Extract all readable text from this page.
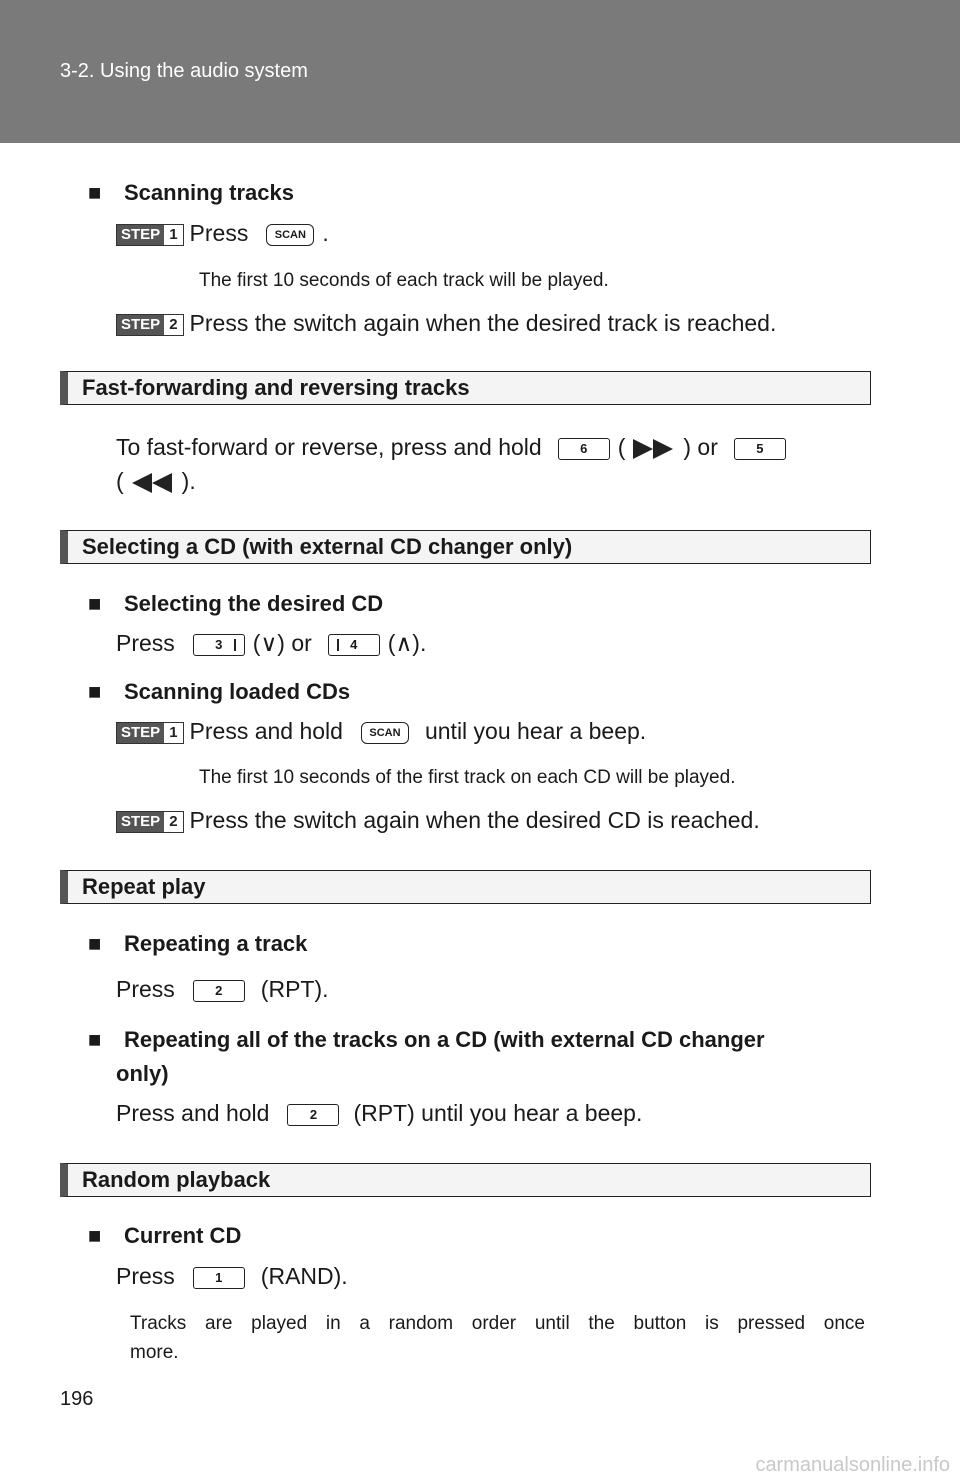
3-2. Using the audio system
■ Scanning tracks
STEP 1 Press SCAN .
The first 10 seconds of each track will be played.
STEP 2 Press the switch again when the desired track is reached.
Fast-forwarding and reversing tracks
To fast-forward or reverse, press and hold	6 (	) or	5
(	).
Selecting a CD (with external CD changer only)
■ Selecting the desired CD
Press	3 (∨) or	4 (∧).
■ Scanning loaded CDs
STEP 1 Press and hold SCAN until you hear a beep.
The first 10 seconds of the first track on each CD will be played.
STEP 2 Press the switch again when the desired CD is reached.
Repeat play
■ Repeating a track
Press	2 (RPT).
■ Repeating all of the tracks on a CD (with external CD changer
only)
Press and hold	2 (RPT) until you hear a beep.
Random playback
■ Current CD
Press	1 (RAND).
Tracks are played in a random order until the button is pressed once
more.
196
carmanualsonline.info
